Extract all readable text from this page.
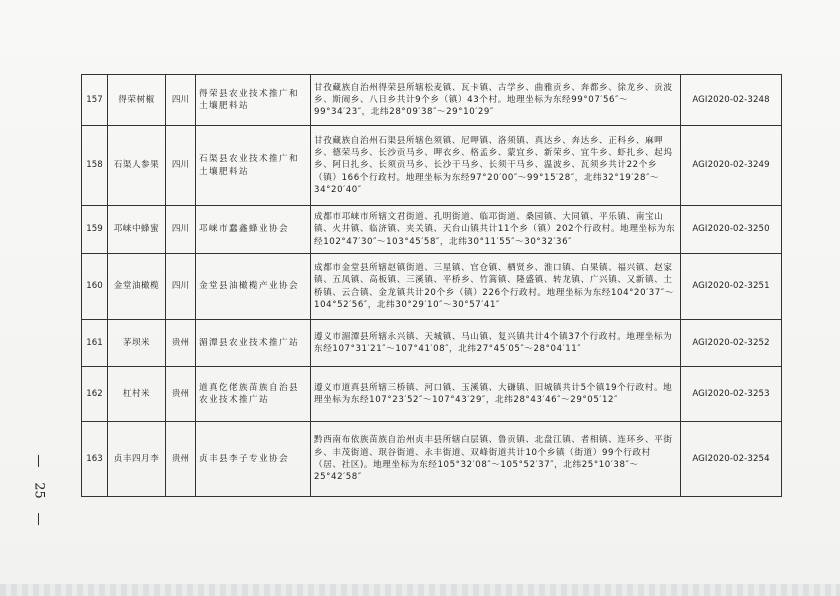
157	得荣树椒	四川	得荣县农业技术推广和土壤肥料站	甘孜藏族自治州得荣县所辖松麦镇、瓦卡镇、古学乡、曲雅贡乡、奔都乡、徐龙乡、贡波乡、斯闹乡、八日乡共计9个乡（镇）43个村。地理坐标为东经99°07′56″～99°34′23″，北纬28°09′38″～29°10′29″	AGI2020-02-3248
158	石渠人参果	四川	石渠县农业技术推广和土壤肥料站	甘孜藏族自治州石渠县所辖色须镇、尼呷镇、洛须镇、真达乡、奔达乡、正科乡、麻呷乡、德荣马乡、长沙贡马乡、呷衣乡、格孟乡、蒙宜乡、新荣乡、宜牛乡、虾扎乡、起坞乡、阿日扎乡、长须贡马乡、长沙干马乡、长须干马乡、温波乡、瓦须乡共计22个乡（镇）166个行政村。地理坐标为东经97°20′00″～99°15′28″，北纬32°19′28″～34°20′40″	AGI2020-02-3249
159	邛崃中蜂蜜	四川	邛崃市蠢鑫蜂业协会	成都市邛崃市所辖文君街道、孔明街道、临邛街道、桑园镇、大同镇、平乐镇、南宝山镇、火井镇、临济镇、夹关镇、天台山镇共计11个乡（镇）202个行政村。地理坐标为东经102°47′30″～103°45′58″，北纬30°11′55″～30°32′36″	AGI2020-02-3250
160	金堂油橄榄	四川	金堂县油橄榄产业协会	成都市金堂县所辖赵镇街道、三星镇、官仓镇、栖贤乡、淮口镇、白果镇、福兴镇、赵家镇、五凤镇、高板镇、三溪镇、平桥乡、竹篙镇、隆盛镇、转龙镇、广兴镇、又新镇、土桥镇、云合镇、金龙镇共计20个乡（镇）226个行政村。地理坐标为东经104°20′37″～104°52′56″，北纬30°29′10″～30°57′41″	AGI2020-02-3251
161	茅坝米	贵州	湄潭县农业技术推广站	遵义市湄潭县所辖永兴镇、天城镇、马山镇、复兴镇共计4个镇37个行政村。地理坐标为东经107°31′21″～107°41′08″，北纬27°45′05″～28°04′11″	AGI2020-02-3252
162	杠村米	贵州	道真仡佬族苗族自治县农业技术推广站	遵义市道真县所辖三桥镇、河口镇、玉溪镇、大磏镇、旧城镇共计5个镇19个行政村。地理坐标为东经107°23′52″～107°43′29″，北纬28°43′46″～29°05′12″	AGI2020-02-3253
163	贞丰四月李	贵州	贞丰县李子专业协会	黔西南布依族苗族自治州贞丰县所辖白层镇、鲁贡镇、北盘江镇、者相镇、连环乡、平街乡、丰茂街道、珉谷街道、永丰街道、双峰街道共计10个乡镇（街道）99个行政村（居、社区)。地理坐标为东经105°32′08″～105°52′37″，北纬25°10′38″～25°42′58″	AGI2020-02-3254
25
